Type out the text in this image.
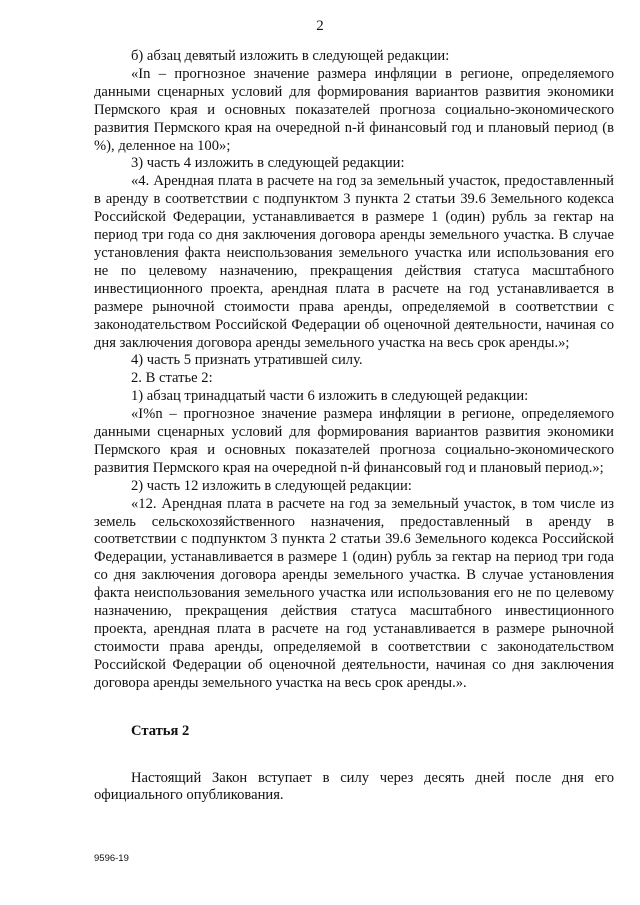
2

б) абзац девятый изложить в следующей редакции:

«In – прогнозное значение размера инфляции в регионе, определяемого данными сценарных условий для формирования вариантов развития экономики Пермского края и основных показателей прогноза социально-экономического развития Пермского края на очередной n-й финансовый год и плановый период (в %), деленное на 100»;

3) часть 4 изложить в следующей редакции:

«4. Арендная плата в расчете на год за земельный участок, предоставленный в аренду в соответствии с подпунктом 3 пункта 2 статьи 39.6 Земельного кодекса Российской Федерации, устанавливается в размере 1 (один) рубль за гектар на период три года со дня заключения договора аренды земельного участка. В случае установления факта неиспользования земельного участка или использования его не по целевому назначению, прекращения действия статуса масштабного инвестиционного проекта, арендная плата в расчете на год устанавливается в размере рыночной стоимости права аренды, определяемой в соответствии с законодательством Российской Федерации об оценочной деятельности, начиная со дня заключения договора аренды земельного участка на весь срок аренды.»;

4) часть 5 признать утратившей силу.

2. В статье 2:

1) абзац тринадцатый части 6 изложить в следующей редакции:

«I%n – прогнозное значение размера инфляции в регионе, определяемого данными сценарных условий для формирования вариантов развития экономики Пермского края и основных показателей прогноза социально-экономического развития Пермского края на очередной n-й финансовый год и плановый период.»;

2) часть 12 изложить в следующей редакции:

«12. Арендная плата в расчете на год за земельный участок, в том числе из земель сельскохозяйственного назначения, предоставленный в аренду в соответствии с подпунктом 3 пункта 2 статьи 39.6 Земельного кодекса Российской Федерации, устанавливается в размере 1 (один) рубль за гектар на период три года со дня заключения договора аренды земельного участка. В случае установления факта неиспользования земельного участка или использования его не по целевому назначению, прекращения действия статуса масштабного инвестиционного проекта, арендная плата в расчете на год устанавливается в размере рыночной стоимости права аренды, определяемой в соответствии с законодательством Российской Федерации об оценочной деятельности, начиная со дня заключения договора аренды земельного участка на весь срок аренды.».

Статья 2

Настоящий Закон вступает в силу через десять дней после дня его официального опубликования.

9596-19
